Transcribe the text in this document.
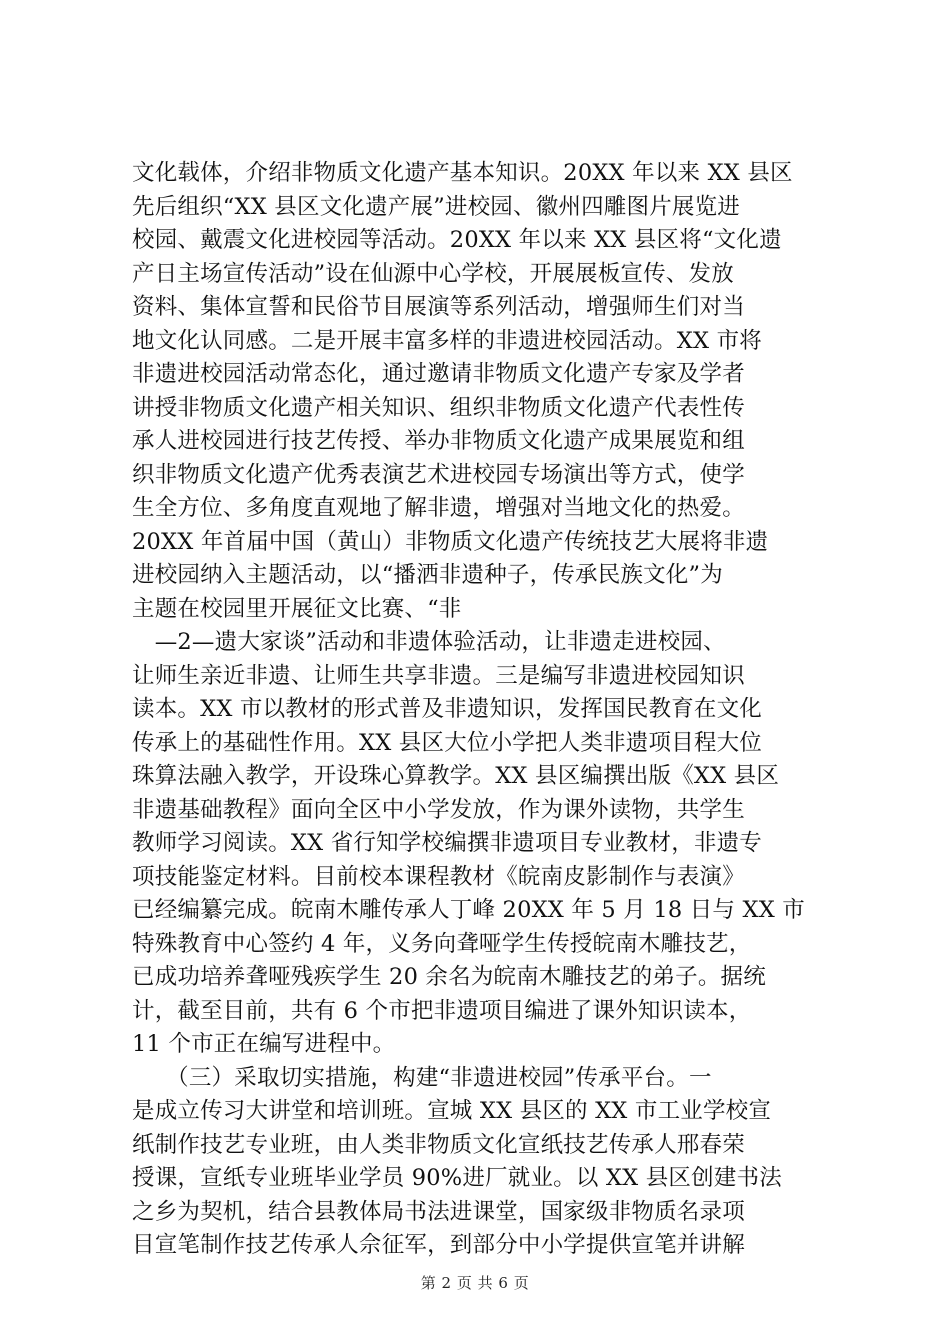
文化载体，介绍非物质文化遗产基本知识。20XX 年以来 XX 县区
先后组织“XX 县区文化遗产展”进校园、徽州四雕图片展览进
校园、戴震文化进校园等活动。20XX 年以来 XX 县区将“文化遗
产日主场宣传活动”设在仙源中心学校，开展展板宣传、发放
资料、集体宣誓和民俗节目展演等系列活动，增强师生们对当
地文化认同感。二是开展丰富多样的非遗进校园活动。XX 市将
非遗进校园活动常态化，通过邀请非物质文化遗产专家及学者
讲授非物质文化遗产相关知识、组织非物质文化遗产代表性传
承人进校园进行技艺传授、举办非物质文化遗产成果展览和组
织非物质文化遗产优秀表演艺术进校园专场演出等方式，使学
生全方位、多角度直观地了解非遗，增强对当地文化的热爱。
20XX 年首届中国（黄山）非物质文化遗产传统技艺大展将非遗
进校园纳入主题活动，以“播洒非遗种子，传承民族文化”为
主题在校园里开展征文比赛、“非
　—2—遗大家谈”活动和非遗体验活动，让非遗走进校园、
让师生亲近非遗、让师生共享非遗。三是编写非遗进校园知识
读本。XX 市以教材的形式普及非遗知识，发挥国民教育在文化
传承上的基础性作用。XX 县区大位小学把人类非遗项目程大位
珠算法融入教学，开设珠心算教学。XX 县区编撰出版《XX 县区
非遗基础教程》面向全区中小学发放，作为课外读物，共学生
教师学习阅读。XX 省行知学校编撰非遗项目专业教材，非遗专
项技能鉴定材料。目前校本课程教材《皖南皮影制作与表演》
已经编纂完成。皖南木雕传承人丁峰 20XX 年 5 月 18 日与 XX 市
特殊教育中心签约 4 年，义务向聋哑学生传授皖南木雕技艺，
已成功培养聋哑残疾学生 20 余名为皖南木雕技艺的弟子。据统
计，截至目前，共有 6 个市把非遗项目编进了课外知识读本，
11 个市正在编写进程中。
　　（三）采取切实措施，构建“非遗进校园”传承平台。一
是成立传习大讲堂和培训班。宣城 XX 县区的 XX 市工业学校宣
纸制作技艺专业班，由人类非物质文化宣纸技艺传承人邢春荣
授课，宣纸专业班毕业学员 90%进厂就业。以 XX 县区创建书法
之乡为契机，结合县教体局书法进课堂，国家级非物质名录项
目宣笔制作技艺传承人佘征军，到部分中小学提供宣笔并讲解
第 2 页 共 6 页
